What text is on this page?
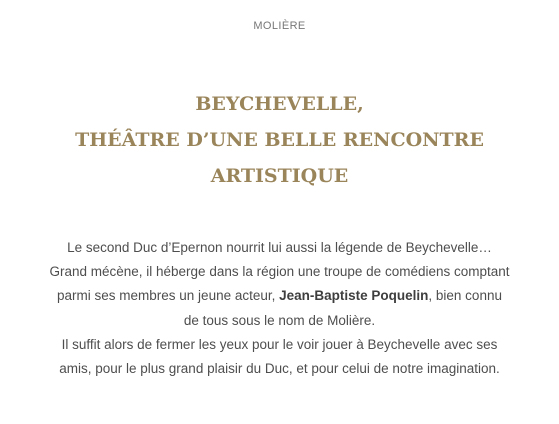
MOLIÈRE
BEYCHEVELLE,
THÉÂTRE D’UNE BELLE RENCONTRE
ARTISTIQUE

Le second Duc d’Epernon nourrit lui aussi la légende de Beychevelle…
Grand mécène, il héberge dans la région une troupe de comédiens comptant
parmi ses membres un jeune acteur, Jean-Baptiste Poquelin, bien connu
de tous sous le nom de Molière.
Il suffit alors de fermer les yeux pour le voir jouer à Beychevelle avec ses
amis, pour le plus grand plaisir du Duc, et pour celui de notre imagination.
